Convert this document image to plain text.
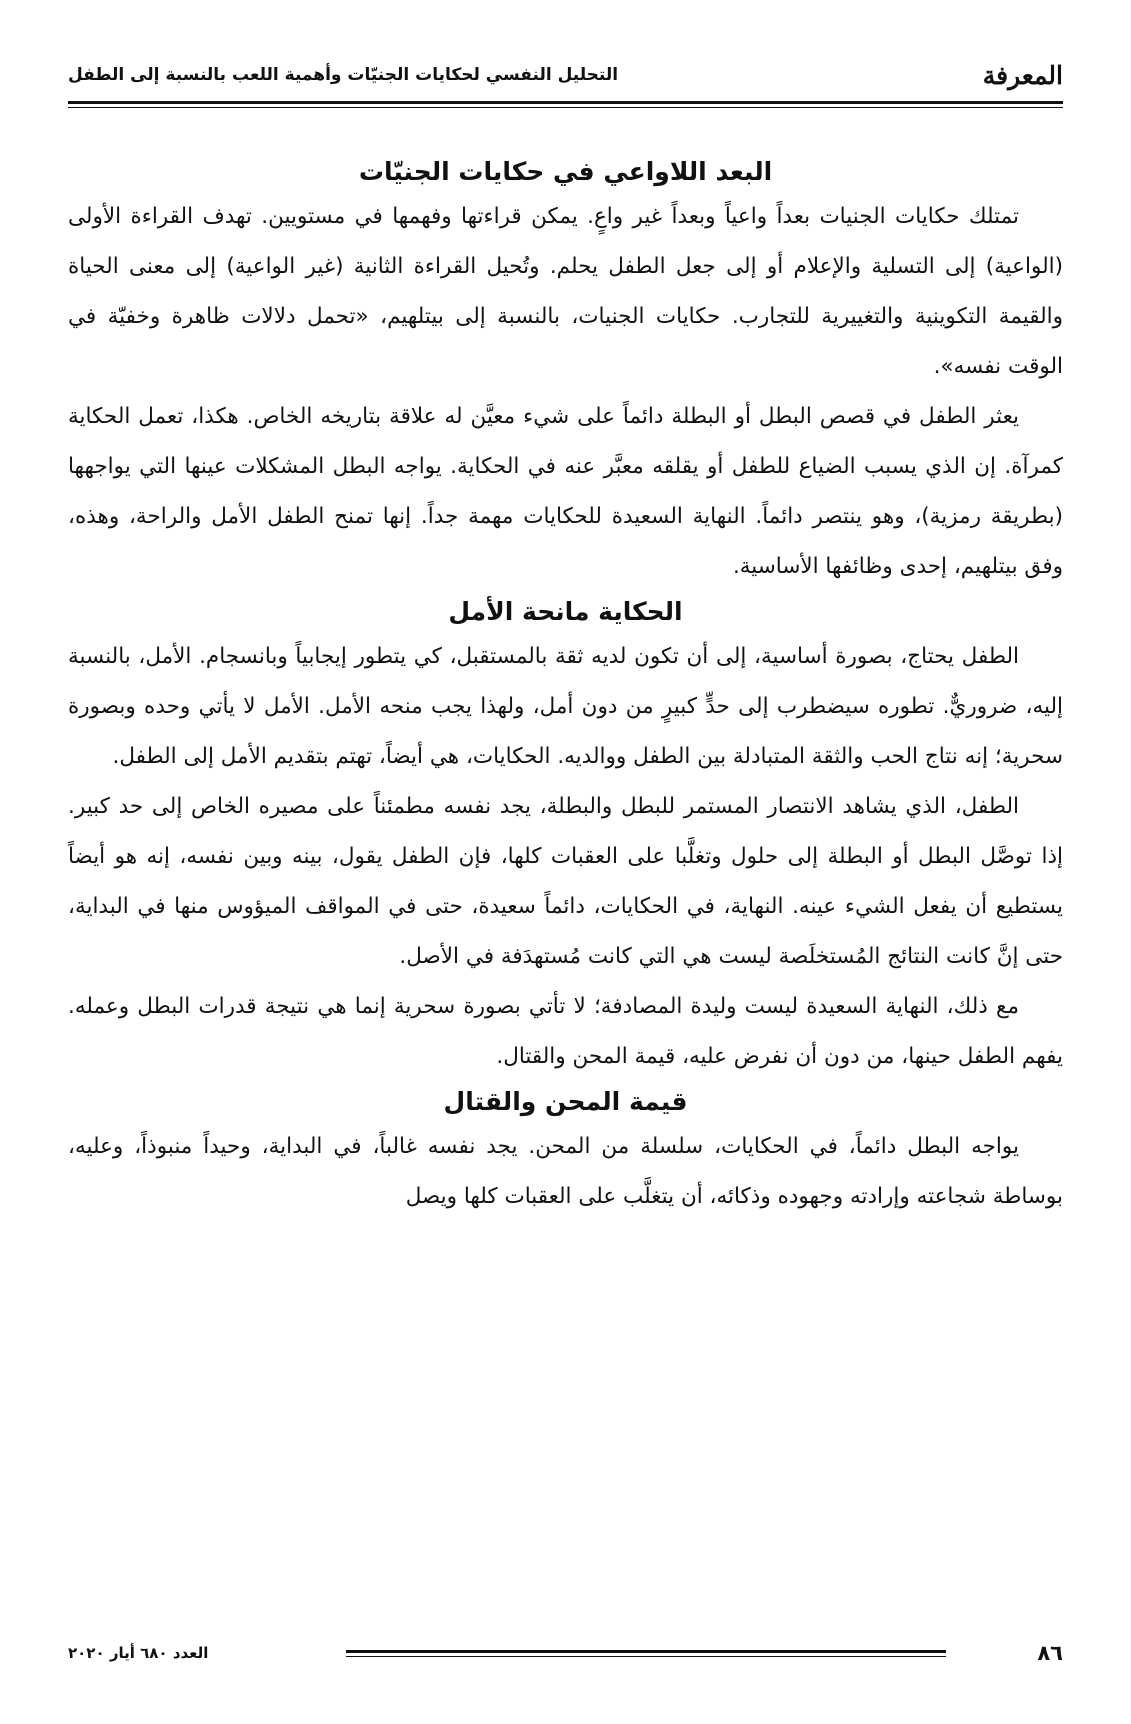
المعرفة
التحليل النفسي لحكايات الجنيّات وأهمية اللعب بالنسبة إلى الطفل
البعد اللاواعي في حكايات الجنيّات

تمتلك حكايات الجنيات بعداً واعياً وبعداً غير واعٍ. يمكن قراءتها وفهمها في مستويين. تهدف القراءة الأولى (الواعية) إلى التسلية والإعلام أو إلى جعل الطفل يحلم. وتُحيل القراءة الثانية (غير الواعية) إلى معنى الحياة والقيمة التكوينية والتغييرية للتجارب. حكايات الجنيات، بالنسبة إلى بيتلهيم، «تحمل دلالات ظاهرة وخفيّة في الوقت نفسه».

يعثر الطفل في قصص البطل أو البطلة دائماً على شيء معيَّن له علاقة بتاريخه الخاص. هكذا، تعمل الحكاية كمرآة. إن الذي يسبب الضياع للطفل أو يقلقه معبَّر عنه في الحكاية. يواجه البطل المشكلات عينها التي يواجهها (بطريقة رمزية)، وهو ينتصر دائماً. النهاية السعيدة للحكايات مهمة جداً. إنها تمنح الطفل الأمل والراحة، وهذه، وفق بيتلهيم، إحدى وظائفها الأساسية.

الحكاية مانحة الأمل

الطفل يحتاج، بصورة أساسية، إلى أن تكون لديه ثقة بالمستقبل، كي يتطور إيجابياً وبانسجام. الأمل، بالنسبة إليه، ضروريٌّ. تطوره سيضطرب إلى حدٍّ كبيرٍ من دون أمل، ولهذا يجب منحه الأمل. الأمل لا يأتي وحده وبصورة سحرية؛ إنه نتاج الحب والثقة المتبادلة بين الطفل ووالديه. الحكايات، هي أيضاً، تهتم بتقديم الأمل إلى الطفل.

الطفل، الذي يشاهد الانتصار المستمر للبطل والبطلة، يجد نفسه مطمئناً على مصيره الخاص إلى حد كبير. إذا توصَّل البطل أو البطلة إلى حلول وتغلَّبا على العقبات كلها، فإن الطفل يقول، بينه وبين نفسه، إنه هو أيضاً يستطيع أن يفعل الشيء عينه. النهاية، في الحكايات، دائماً سعيدة، حتى في المواقف الميؤوس منها في البداية، حتى إنَّ كانت النتائج المُستخلَصة ليست هي التي كانت مُستهدَفة في الأصل.

مع ذلك، النهاية السعيدة ليست وليدة المصادفة؛ لا تأتي بصورة سحرية إنما هي نتيجة قدرات البطل وعمله. يفهم الطفل حينها، من دون أن نفرض عليه، قيمة المحن والقتال.

قيمة المحن والقتال

يواجه البطل دائماً، في الحكايات، سلسلة من المحن. يجد نفسه غالباً، في البداية، وحيداً منبوذاً، وعليه، بوساطة شجاعته وإرادته وجهوده وذكائه، أن يتغلَّب على العقبات كلها ويصل

٨٦
العدد ٦٨٠ أيار ٢٠٢٠
